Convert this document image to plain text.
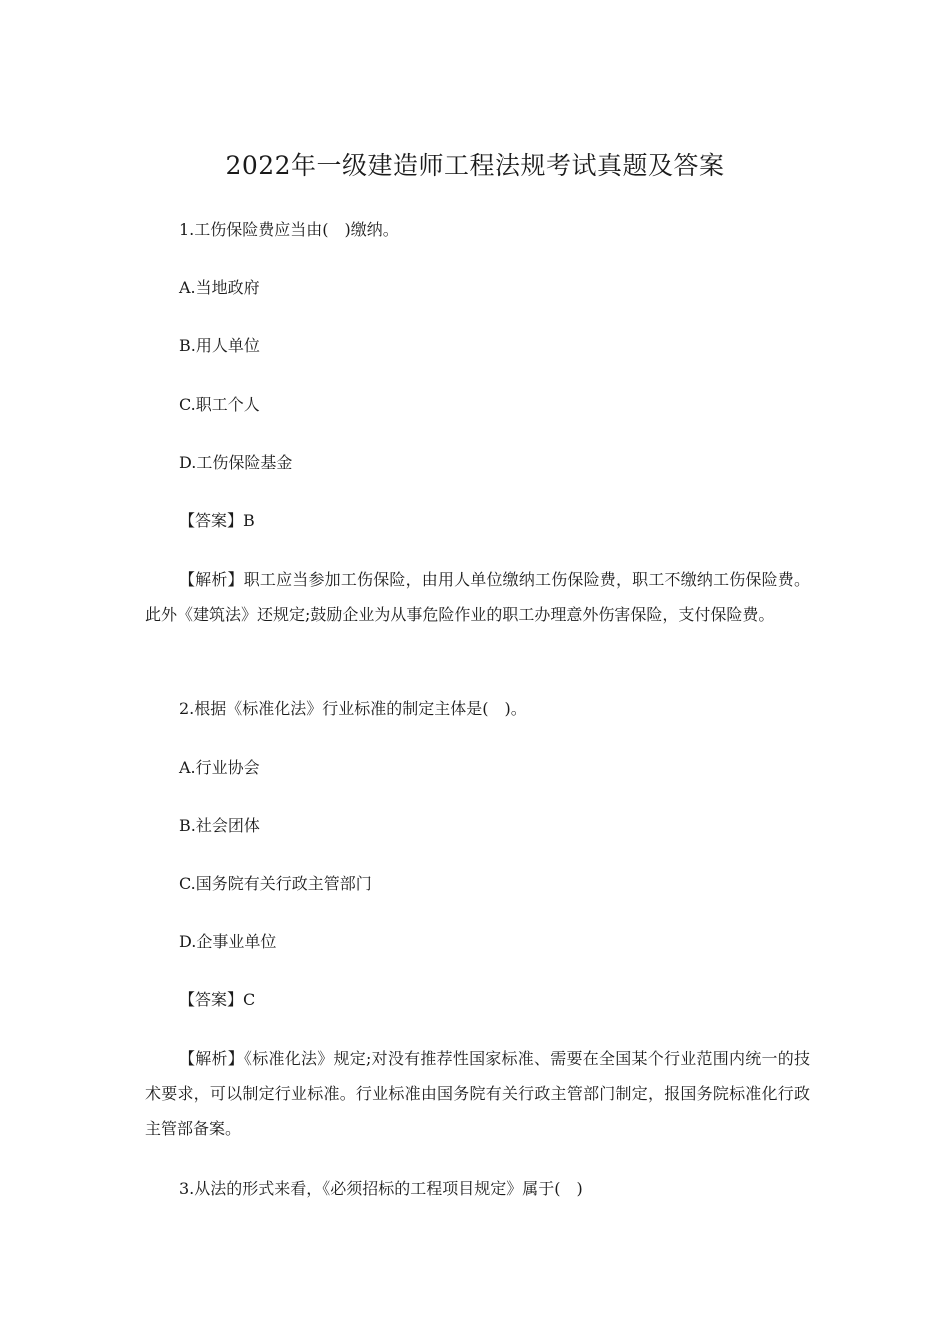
2022年一级建造师工程法规考试真题及答案

1.工伤保险费应当由(　)缴纳。

A.当地政府

B.用人单位

C.职工个人

D.工伤保险基金

【答案】B

【解析】职工应当参加工伤保险，由用人单位缴纳工伤保险费，职工不缴纳工伤保险费。此外《建筑法》还规定;鼓励企业为从事危险作业的职工办理意外伤害保险，支付保险费。

2.根据《标准化法》行业标准的制定主体是(　)。

A.行业协会

B.社会团体

C.国务院有关行政主管部门

D.企事业单位

【答案】C

【解析】《标准化法》规定;对没有推荐性国家标准、需要在全国某个行业范围内统一的技术要求，可以制定行业标准。行业标准由国务院有关行政主管部门制定，报国务院标准化行政主管部备案。

3.从法的形式来看，《必须招标的工程项目规定》属于(　)
